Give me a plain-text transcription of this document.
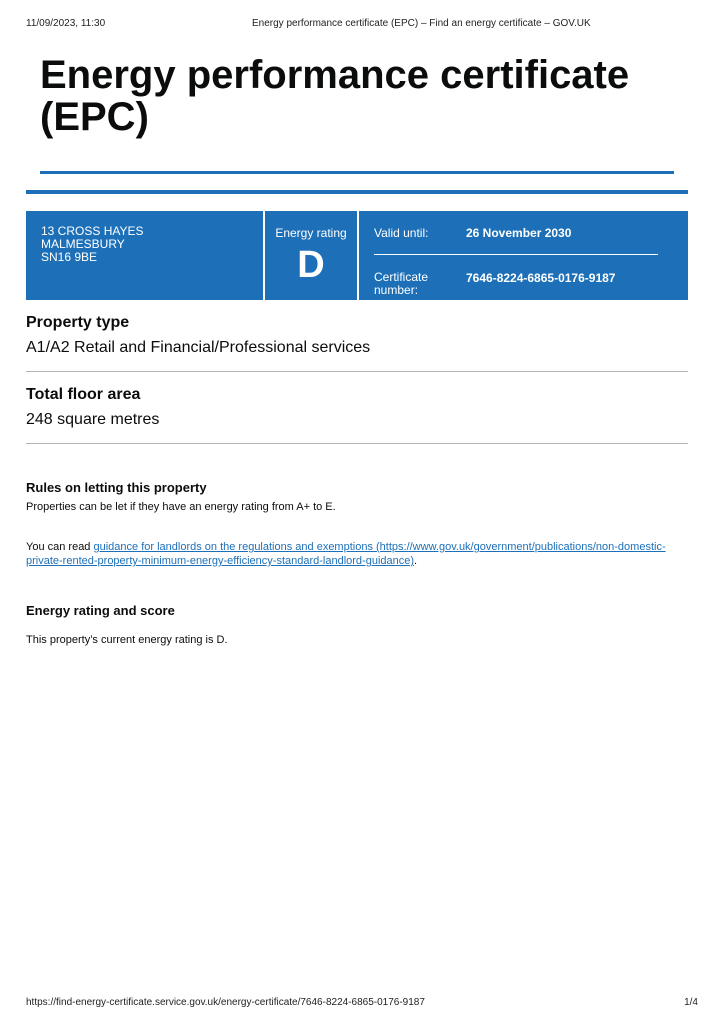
11/09/2023, 11:30	Energy performance certificate (EPC) – Find an energy certificate – GOV.UK
Energy performance certificate (EPC)
13 CROSS HAYES
MALMESBURY
SN16 9BE
Energy rating
D
Valid until:	26 November 2030
Certificate number:
7646-8224-6865-0176-9187
Property type
A1/A2 Retail and Financial/Professional services
Total floor area
248 square metres
Rules on letting this property

Properties can be let if they have an energy rating from A+ to E.

You can read guidance for landlords on the regulations and exemptions (https://www.gov.uk/government/publications/non-domestic-private-rented-property-minimum-energy-efficiency-standard-landlord-guidance).

Energy rating and score

This property’s current energy rating is D.

https://find-energy-certificate.service.gov.uk/energy-certificate/7646-8224-6865-0176-9187	1/4
